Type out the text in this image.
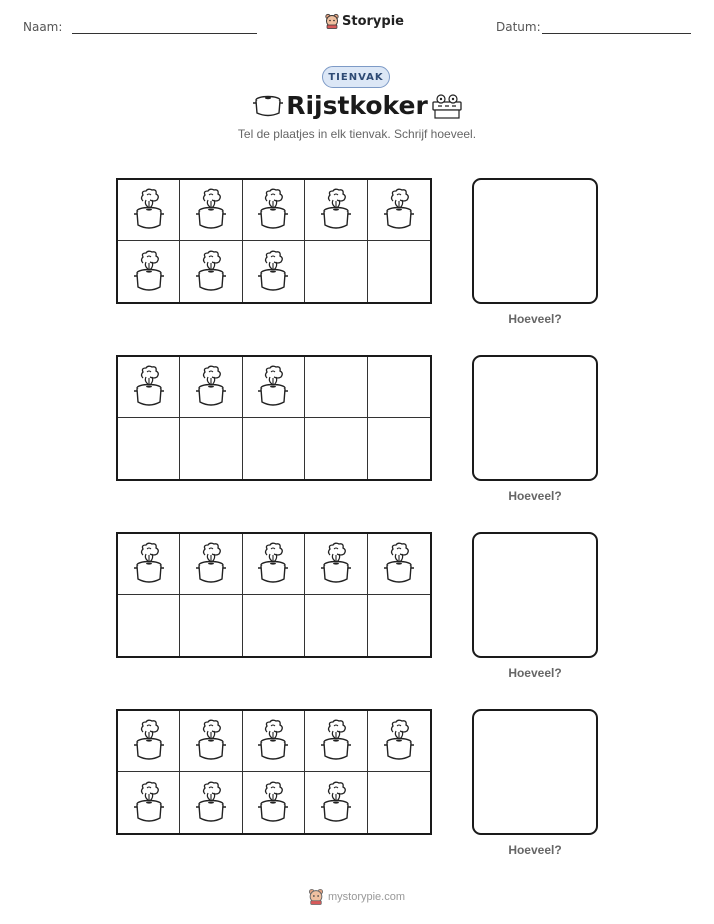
Naam:	Storypie	Datum:
TIENVAK
Rijstkoker
Tel de plaatjes in elk tienvak. Schrijf hoeveel.
Hoeveel?
Hoeveel?
Hoeveel?
Hoeveel?
mystorypie.com
